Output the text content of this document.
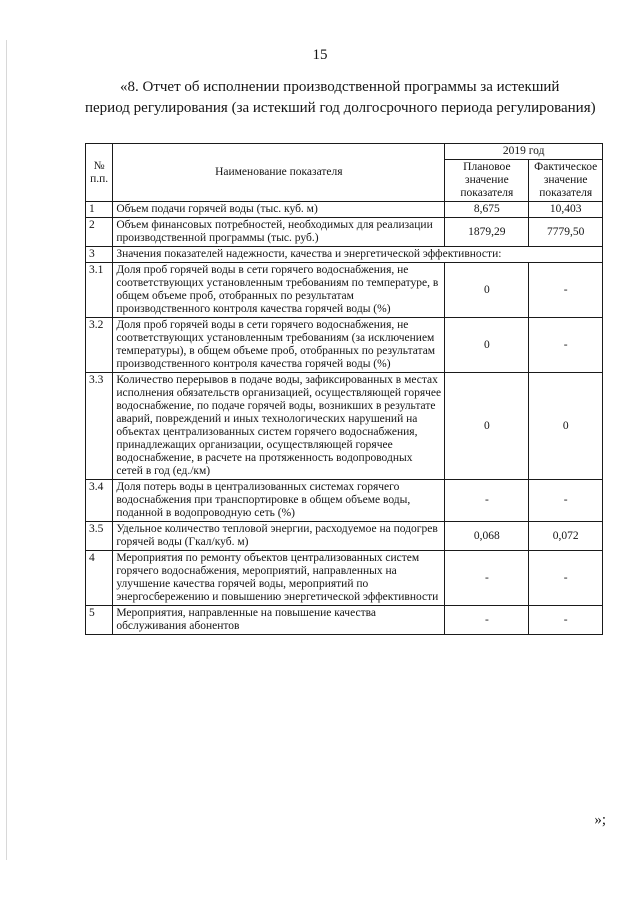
15
«8. Отчет об исполнении производственной программы за истекший
период регулирования (за истекший год долгосрочного периода регулирования)
№ п.п.	Наименование показателя	2019 год	
		Плановое значение показателя	Фактическое значение показателя
1	Объем подачи горячей воды (тыс. куб. м)	8,675	10,403
2	Объем финансовых потребностей, необходимых для реализации производственной программы (тыс. руб.)	1879,29	7779,50
3	Значения показателей надежности, качества и энергетической эффективности:		
3.1	Доля проб горячей воды в сети горячего водоснабжения, не соответствующих установленным требованиям по температуре, в общем объеме проб, отобранных по результатам производственного контроля качества горячей воды (%)	0	-
3.2	Доля проб горячей воды в сети горячего водоснабжения, не соответствующих установленным требованиям (за исключением температуры), в общем объеме проб, отобранных по результатам производственного контроля качества горячей воды (%)	0	-
3.3	Количество перерывов в подаче воды, зафиксированных в местах исполнения обязательств организацией, осуществляющей горячее водоснабжение, по подаче горячей воды, возникших в результате аварий, повреждений и иных технологических нарушений на объектах централизованных систем горячего водоснабжения, принадлежащих организации, осуществляющей горячее водоснабжение, в расчете на протяженность водопроводных сетей в год (ед./км)	0	0
3.4	Доля потерь воды в централизованных системах горячего водоснабжения при транспортировке в общем объеме воды, поданной в водопроводную сеть (%)	-	-
3.5	Удельное количество тепловой энергии, расходуемое на подогрев горячей воды (Гкал/куб. м)	0,068	0,072
4	Мероприятия по ремонту объектов централизованных систем горячего водоснабжения, мероприятий, направленных на улучшение качества горячей воды, мероприятий по энергосбережению и повышению энергетической эффективности	-	-
5	Мероприятия, направленные на повышение качества обслуживания абонентов	-	-
»;
